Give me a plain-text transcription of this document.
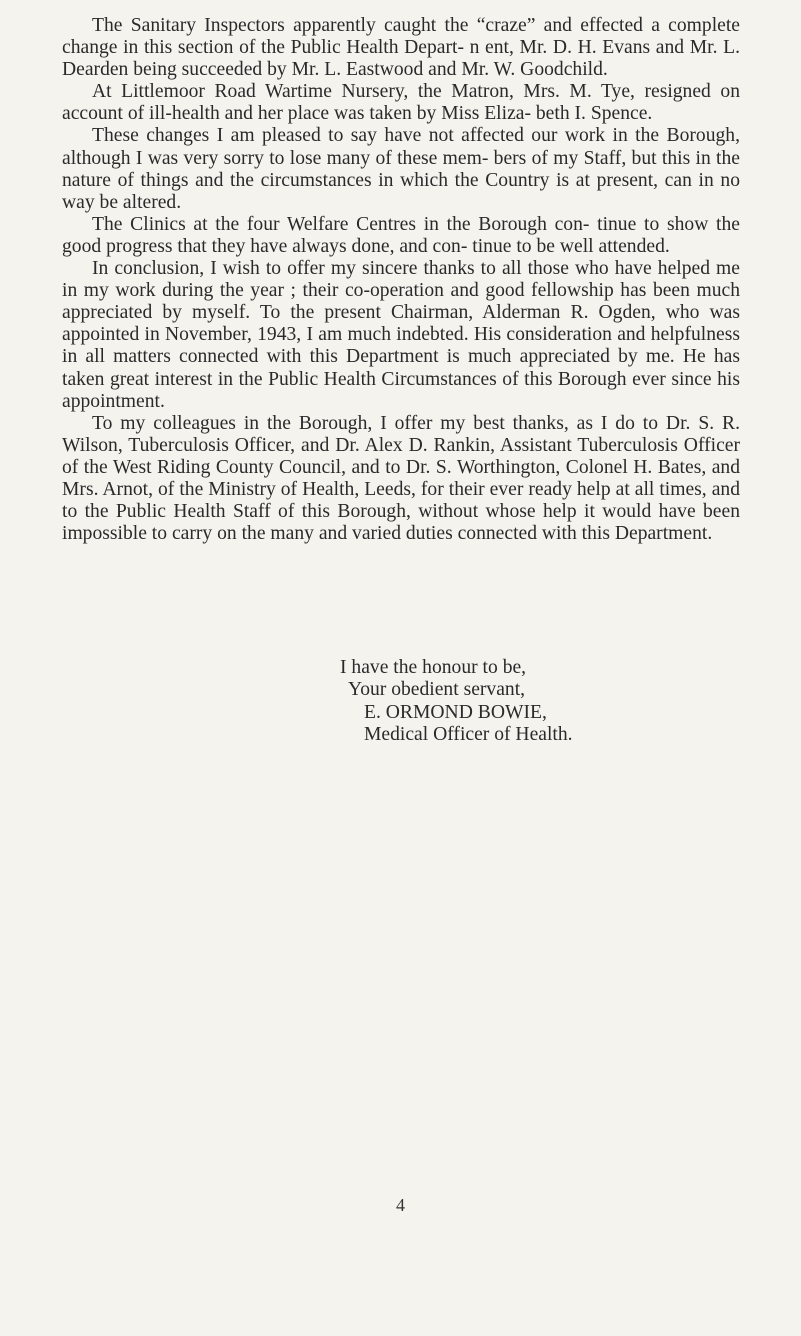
The Sanitary Inspectors apparently caught the “craze” and effected a complete change in this section of the Public Health Depart- n ent, Mr. D. H. Evans and Mr. L. Dearden being succeeded by Mr. L. Eastwood and Mr. W. Goodchild.

At Littlemoor Road Wartime Nursery, the Matron, Mrs. M. Tye, resigned on account of ill-health and her place was taken by Miss Eliza- beth I. Spence.

These changes I am pleased to say have not affected our work in the Borough, although I was very sorry to lose many of these mem- bers of my Staff, but this in the nature of things and the circumstances in which the Country is at present, can in no way be altered.

The Clinics at the four Welfare Centres in the Borough con- tinue to show the good progress that they have always done, and con- tinue to be well attended.

In conclusion, I wish to offer my sincere thanks to all those who have helped me in my work during the year ; their co-operation and good fellowship has been much appreciated by myself. To the present Chairman, Alderman R. Ogden, who was appointed in November, 1943, I am much indebted. His consideration and helpfulness in all matters connected with this Department is much appreciated by me. He has taken great interest in the Public Health Circumstances of this Borough ever since his appointment.

To my colleagues in the Borough, I offer my best thanks, as I do to Dr. S. R. Wilson, Tuberculosis Officer, and Dr. Alex D. Rankin, Assistant Tuberculosis Officer of the West Riding County Council, and to Dr. S. Worthington, Colonel H. Bates, and Mrs. Arnot, of the Ministry of Health, Leeds, for their ever ready help at all times, and to the Public Health Staff of this Borough, without whose help it would have been impossible to carry on the many and varied duties connected with this Department.

I have the honour to be,
Your obedient servant,
E. ORMOND BOWIE,
Medical Officer of Health.
4
